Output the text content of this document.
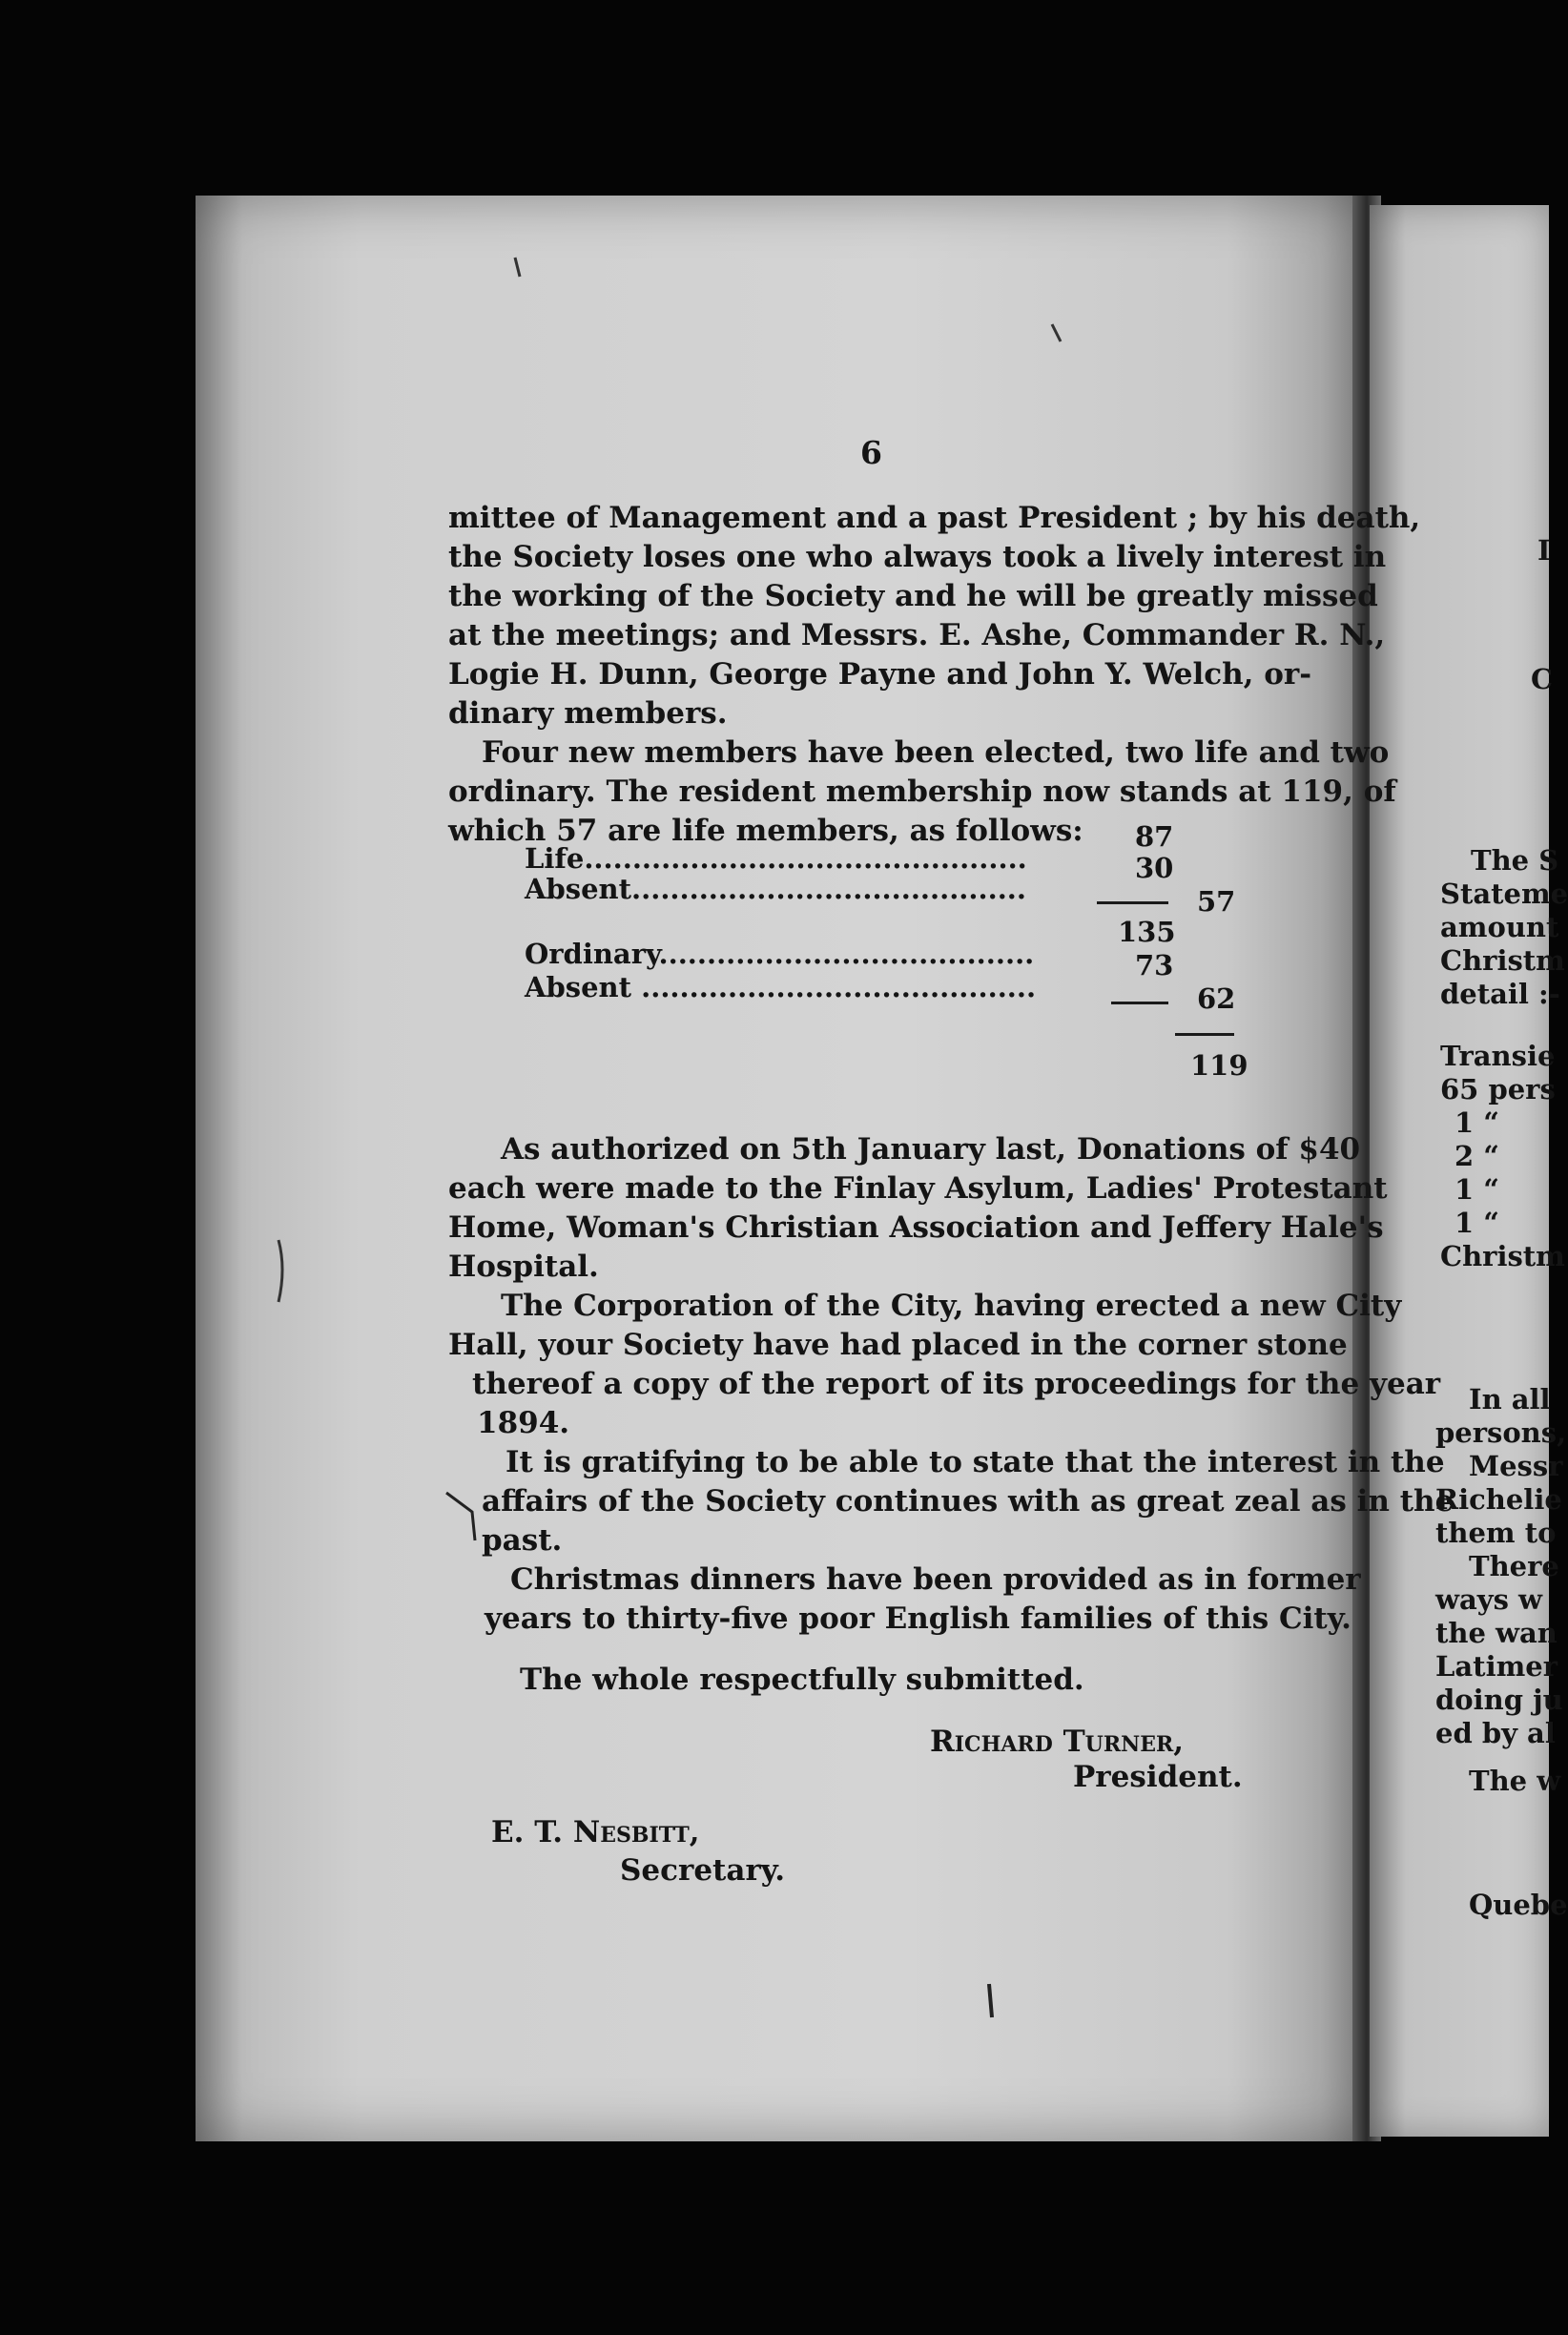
6
mittee of Management and a past President ; by his death,
the Society loses one who always took a lively interest in
the working of the Society and he will be greatly missed
at the meetings; and Messrs. E. Ashe, Commander R. N.,
Logie H. Dunn, George Payne and John Y. Welch, or-
dinary members.
Four new members have been elected, two life and two
ordinary. The resident membership now stands at 119, of
which 57 are life members, as follows:
Life..............................................
87
Absent.........................................
30
57
Ordinary.......................................
135
Absent .........................................
73
62
119
As authorized on 5th January last, Donations of $40
each were made to the Finlay Asylum, Ladies' Protestant
Home, Woman's Christian Association and Jeffery Hale's
Hospital.
The Corporation of the City, having erected a new City
Hall, your Society have had placed in the corner stone
thereof a copy of the report of its proceedings for the year
1894.
It is gratifying to be able to state that the interest in the
affairs of the Society continues with as great zeal as in the
past.
Christmas dinners have been provided as in former
years to thirty-five poor English families of this City.
The whole respectfully submitted.
Richard Turner,
President.
E. T. Nesbitt,
Secretary.
I
C
The S
Stateme
amount
Christm
detail :-
Transie
65 pers
1 “
2 “
1 “
1 “
Christm
In all
persons,
Messr
Richelie
them to
There
ways w
the wan
Latimer
doing ju
ed by al
The w
Quebe
